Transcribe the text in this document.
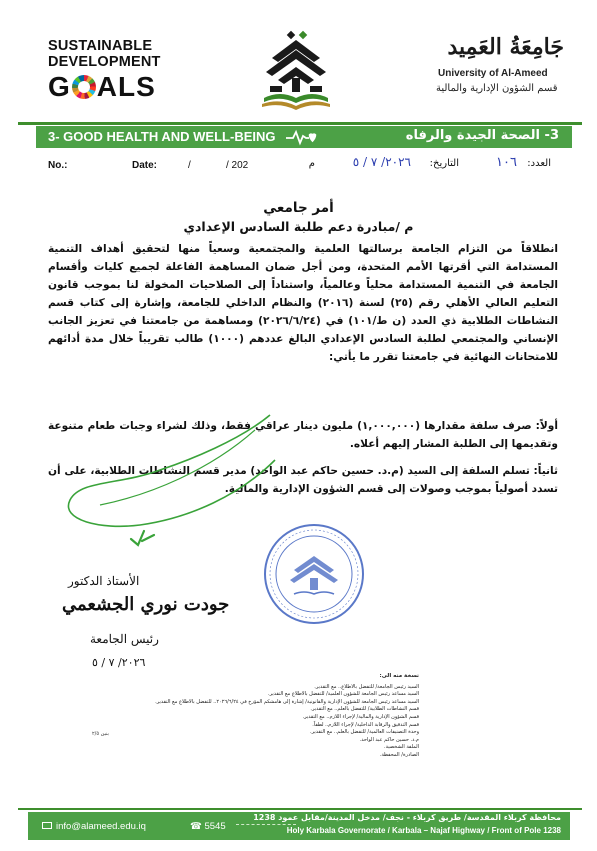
SUSTAINABLE
DEVELOPMENT
G ALS
جَامِعَةُ العَمِيد
University of Al-Ameed
قسم الشؤون الإدارية والمالية
3- GOOD HEALTH AND WELL-BEING	3- الصحة الجيدة والرفاه
No.:	Date:	/	/ 202	العدد:
١٠٦
التاريخ:
٢٠٢٦/ ٧ / ٥
م
أمر جامعي
م /مبادرة دعم طلبة السادس الإعدادي
انطلاقاً من التزام الجامعة برسالتها العلمية والمجتمعية وسعياً منها لتحقيق أهداف التنمية المستدامة التي أقرتها الأمم المتحدة، ومن أجل ضمان المساهمة الفاعلة لجميع كليات وأقسام الجامعة في التنمية المستدامة محلياً وعالمياً، واستناداً إلى الصلاحيات المخولة لنا بموجب قانون التعليم العالي الأهلي رقم (٢٥) لسنة (٢٠١٦) والنظام الداخلي للجامعة، وإشارة إلى كتاب قسم النشاطات الطلابية ذي العدد (ن ط/١٠١) في (٢٠٢٦/٦/٢٤) ومساهمة من جامعتنا في تعزيز الجانب الإنساني والمجتمعي لطلبة السادس الإعدادي البالغ عددهم (١٠٠٠) طالب تقريباً خلال مدة أدائهم للامتحانات النهائية في جامعتنا تقرر ما يأتي:
أولاً: صرف سلفة مقدارها (١,٠٠٠,٠٠٠) مليون دينار عراقي فقط، وذلك لشراء وجبات طعام متنوعة وتقديمها إلى الطلبة المشار إليهم أعلاه.
ثانياً: تسلم السلفة إلى السيد (م.د. حسين حاكم عبد الواحد) مدير قسم النشاطات الطلابية، على أن تسدد أصولياً بموجب وصولات إلى قسم الشؤون الإدارية والمالية.
الأستاذ الدكتور
جودت نوري الجشعمي
رئيس الجامعة
٢٠٢٦/ ٧ / ٥
نسخة منه الى:
السيد رئيس الجامعة/ للتفضل بالاطلاع.. مع التقدير.
السيد مساعد رئيس الجامعة للشؤون العلمية/ للتفضل بالاطلاع مع التقدير.
السيد مساعد رئيس الجامعة للشؤون الإدارية والقانونية/ إشارة إلى هامشكم المؤرخ في ٢٠٢٦/٦/٢٤.. للتفضل بالاطلاع مع التقدير.
قسم النشاطات الطلابية/ للتفضل بالعلم.. مع التقدير.
قسم الشؤون الإدارية والمالية/ لإجراء اللازم.. مع التقدير.
قسم التدقيق والرقابة الداخلية/ لإجراء اللازم.. لطفاً.
وحدة التصنيفات العالمية/ للتفضل بالعلم.. مع التقدير.
م.د. حسين حاكم عبد الواحد.
الملفة الشخصية.
الصادرة/ المحفظة.
بنين ٢/٥
info@alameed.edu.iq	☎ 5545
محافظة كربلاء المقدسة/ طريق كربلاء - نجف/ مدخل المدينة/مقابل عمود 1238
Holy Karbala Governorate / Karbala – Najaf Highway / Front of Pole 1238
